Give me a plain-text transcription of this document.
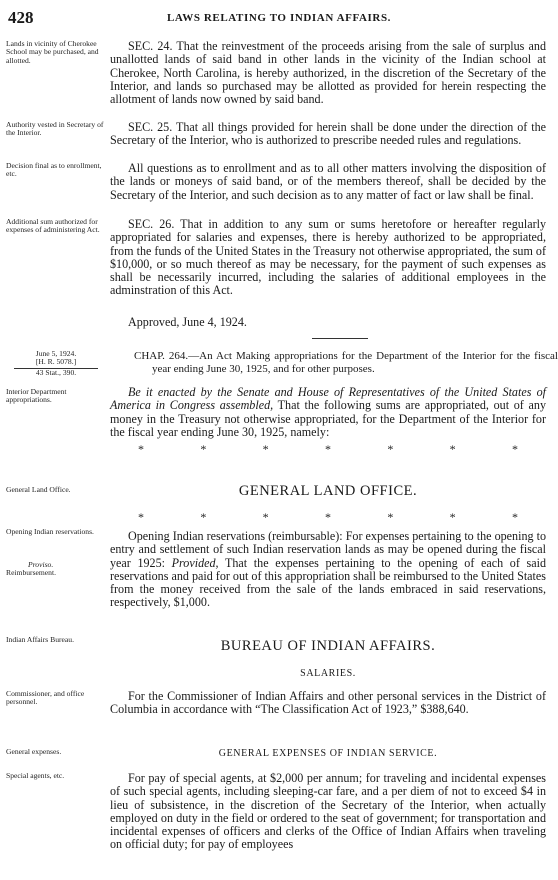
428	LAWS RELATING TO INDIAN AFFAIRS.
Lands in vicinity of Cherokee School may be purchased, and allotted.

SEC. 24. That the reinvestment of the proceeds arising from the sale of surplus and unallotted lands of said band in other lands in the vicinity of the Indian school at Cherokee, North Carolina, is hereby authorized, in the discretion of the Secretary of the Interior, and lands so purchased may be allotted as provided for herein respecting the allotment of lands now owned by said band.

Authority vested in Secretary of the Interior.	SEC. 25. That all things provided for herein shall be done under the direction of the Secretary of the Interior, who is authorized to prescribe needed rules and regulations.

Decision final as to enrollment, etc.	All questions as to enrollment and as to all other matters involving the disposition of the lands or moneys of said band, or of the members thereof, shall be decided by the Secretary of the Interior, and such decision as to any matter of fact or law shall be final.

Additional sum authorized for expenses of administering Act.	SEC. 26. That in addition to any sum or sums heretofore or hereafter regularly appropriated for salaries and expenses, there is hereby authorized to be appropriated, from the funds of the United States in the Treasury not otherwise appropriated, the sum of $10,000, or so much thereof as may be necessary, for the payment of such expenses as shall be necessarily incurred, including the salaries of additional employees in the adminstration of this Act.

Approved, June 4, 1924.

June 5, 1924.
[H. R. 5078.]
43 Stat., 390.

CHAP. 264.—An Act Making appropriations for the Department of the Interior for the fiscal year ending June 30, 1925, and for other purposes.

Interior Department appropriations.

Be it enacted by the Senate and House of Representatives of the United States of America in Congress assembled, That the following sums are appropriated, out of any money in the Treasury not otherwise appropriated, for the Department of the Interior for the fiscal year ending June 30, 1925, namely:

*	*	*	*	*	*	*
General Land Office.	GENERAL LAND OFFICE.
*	*	*	*	*	*	*
Opening Indian reservations.
Proviso.
Reimbursement.

Opening Indian reservations (reimbursable): For expenses pertaining to the opening to entry and settlement of such Indian reservation lands as may be opened during the fiscal year 1925: Provided, That the expenses pertaining to the opening of each of said reservations and paid for out of this appropriation shall be reimbursed to the United States from the money received from the sale of the lands embraced in said reservations, respectively, $1,000.

Indian Affairs Bureau.	BUREAU OF INDIAN AFFAIRS.
SALARIES.
Commissioner, and office personnel.	For the Commissioner of Indian Affairs and other personal services in the District of Columbia in accordance with “The Classification Act of 1923,” $388,640.

General expenses.	GENERAL EXPENSES OF INDIAN SERVICE.
Special agents, etc.	For pay of special agents, at $2,000 per annum; for traveling and incidental expenses of such special agents, including sleeping-car fare, and a per diem of not to exceed $4 in lieu of subsistence, in the discretion of the Secretary of the Interior, when actually employed on duty in the field or ordered to the seat of government; for transportation and incidental expenses of officers and clerks of the Office of Indian Affairs when traveling on official duty; for pay of employees
